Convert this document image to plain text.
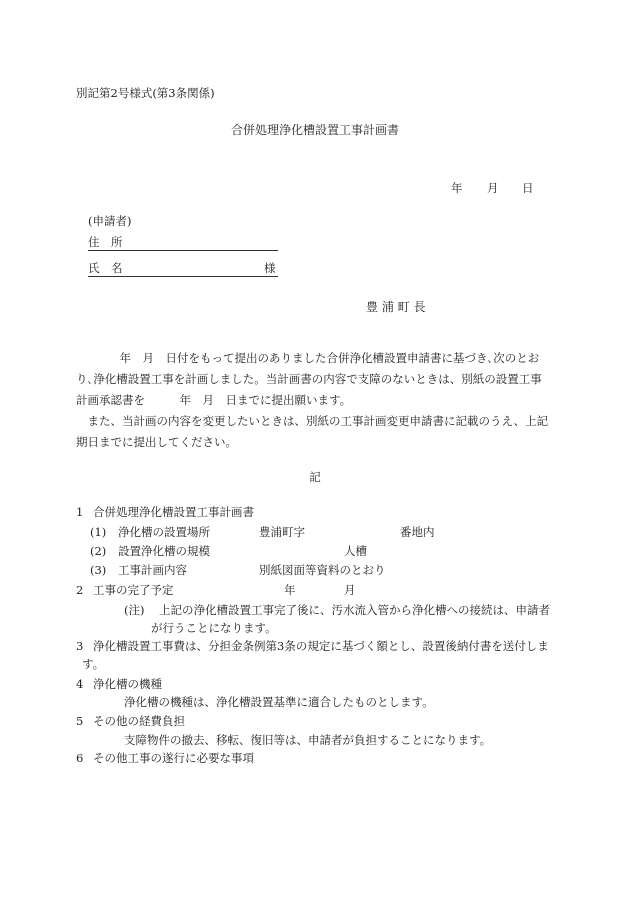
別記第2号様式(第3条関係)
合併処理浄化槽設置工事計画書
年 月 日
(申請者)
住　所
氏　名	様
豊 浦 町 長
　年　月　日付をもって提出のありました合併浄化槽設置申請書に基づき､次のとお
り､浄化槽設置工事を計画しました。当計画書の内容で支障のないときは、別紙の設置工事
計画承認書を　　　年　月　日までに提出願います。
　また、当計画の内容を変更したいときは、別紙の工事計画変更申請書に記載のうえ、上記
期日までに提出してください。
記
1 合併処理浄化槽設置工事計画書
(1) 浄化槽の設置場所	豊浦町字	番地内
(2) 設置浄化槽の規模	人槽
(3) 工事計画内容	別紙図面等資料のとおり
2 工事の完了予定	年	月
(注) 上記の浄化槽設置工事完了後に、汚水流入管から浄化槽への接続は、申請者
が行うことになります。
3 浄化槽設置工事費は、分担金条例第3条の規定に基づく額とし、設置後納付書を送付しま
す。
4 浄化槽の機種
浄化槽の機種は、浄化槽設置基準に適合したものとします。
5 その他の経費負担
支障物件の撤去、移転、復旧等は、申請者が負担することになります。
6 その他工事の遂行に必要な事項
